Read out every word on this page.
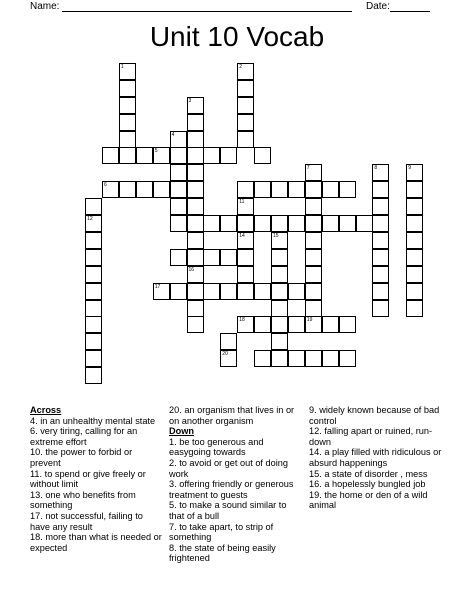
Name:	Date:
Unit 10 Vocab
1	2
3
4
5
7	8	9
6
12
11
14	15
16
17
18	19
20
Across
4. in an unhealthy mental state
6. very tiring, calling for an extreme effort
10. the power to forbid or prevent
11. to spend or give freely or without limit
13. one who benefits from something
17. not successful, failing to have any result
18. more than what is needed or expected
20. an organism that lives in or on another organism
Down
1. be too generous and easygoing towards
2. to avoid or get out of doing work
3. offering friendly or generous treatment to guests
5. to make a sound similar to that of a bull
7. to take apart, to strip of something
8. the state of being easily frightened
9. widely known because of bad control
12. falling apart or ruined, run-down
14. a play filled with ridiculous or absurd happenings
15. a state of disorder , mess
16. a hopelessly bungled job
19. the home or den of a wild animal
